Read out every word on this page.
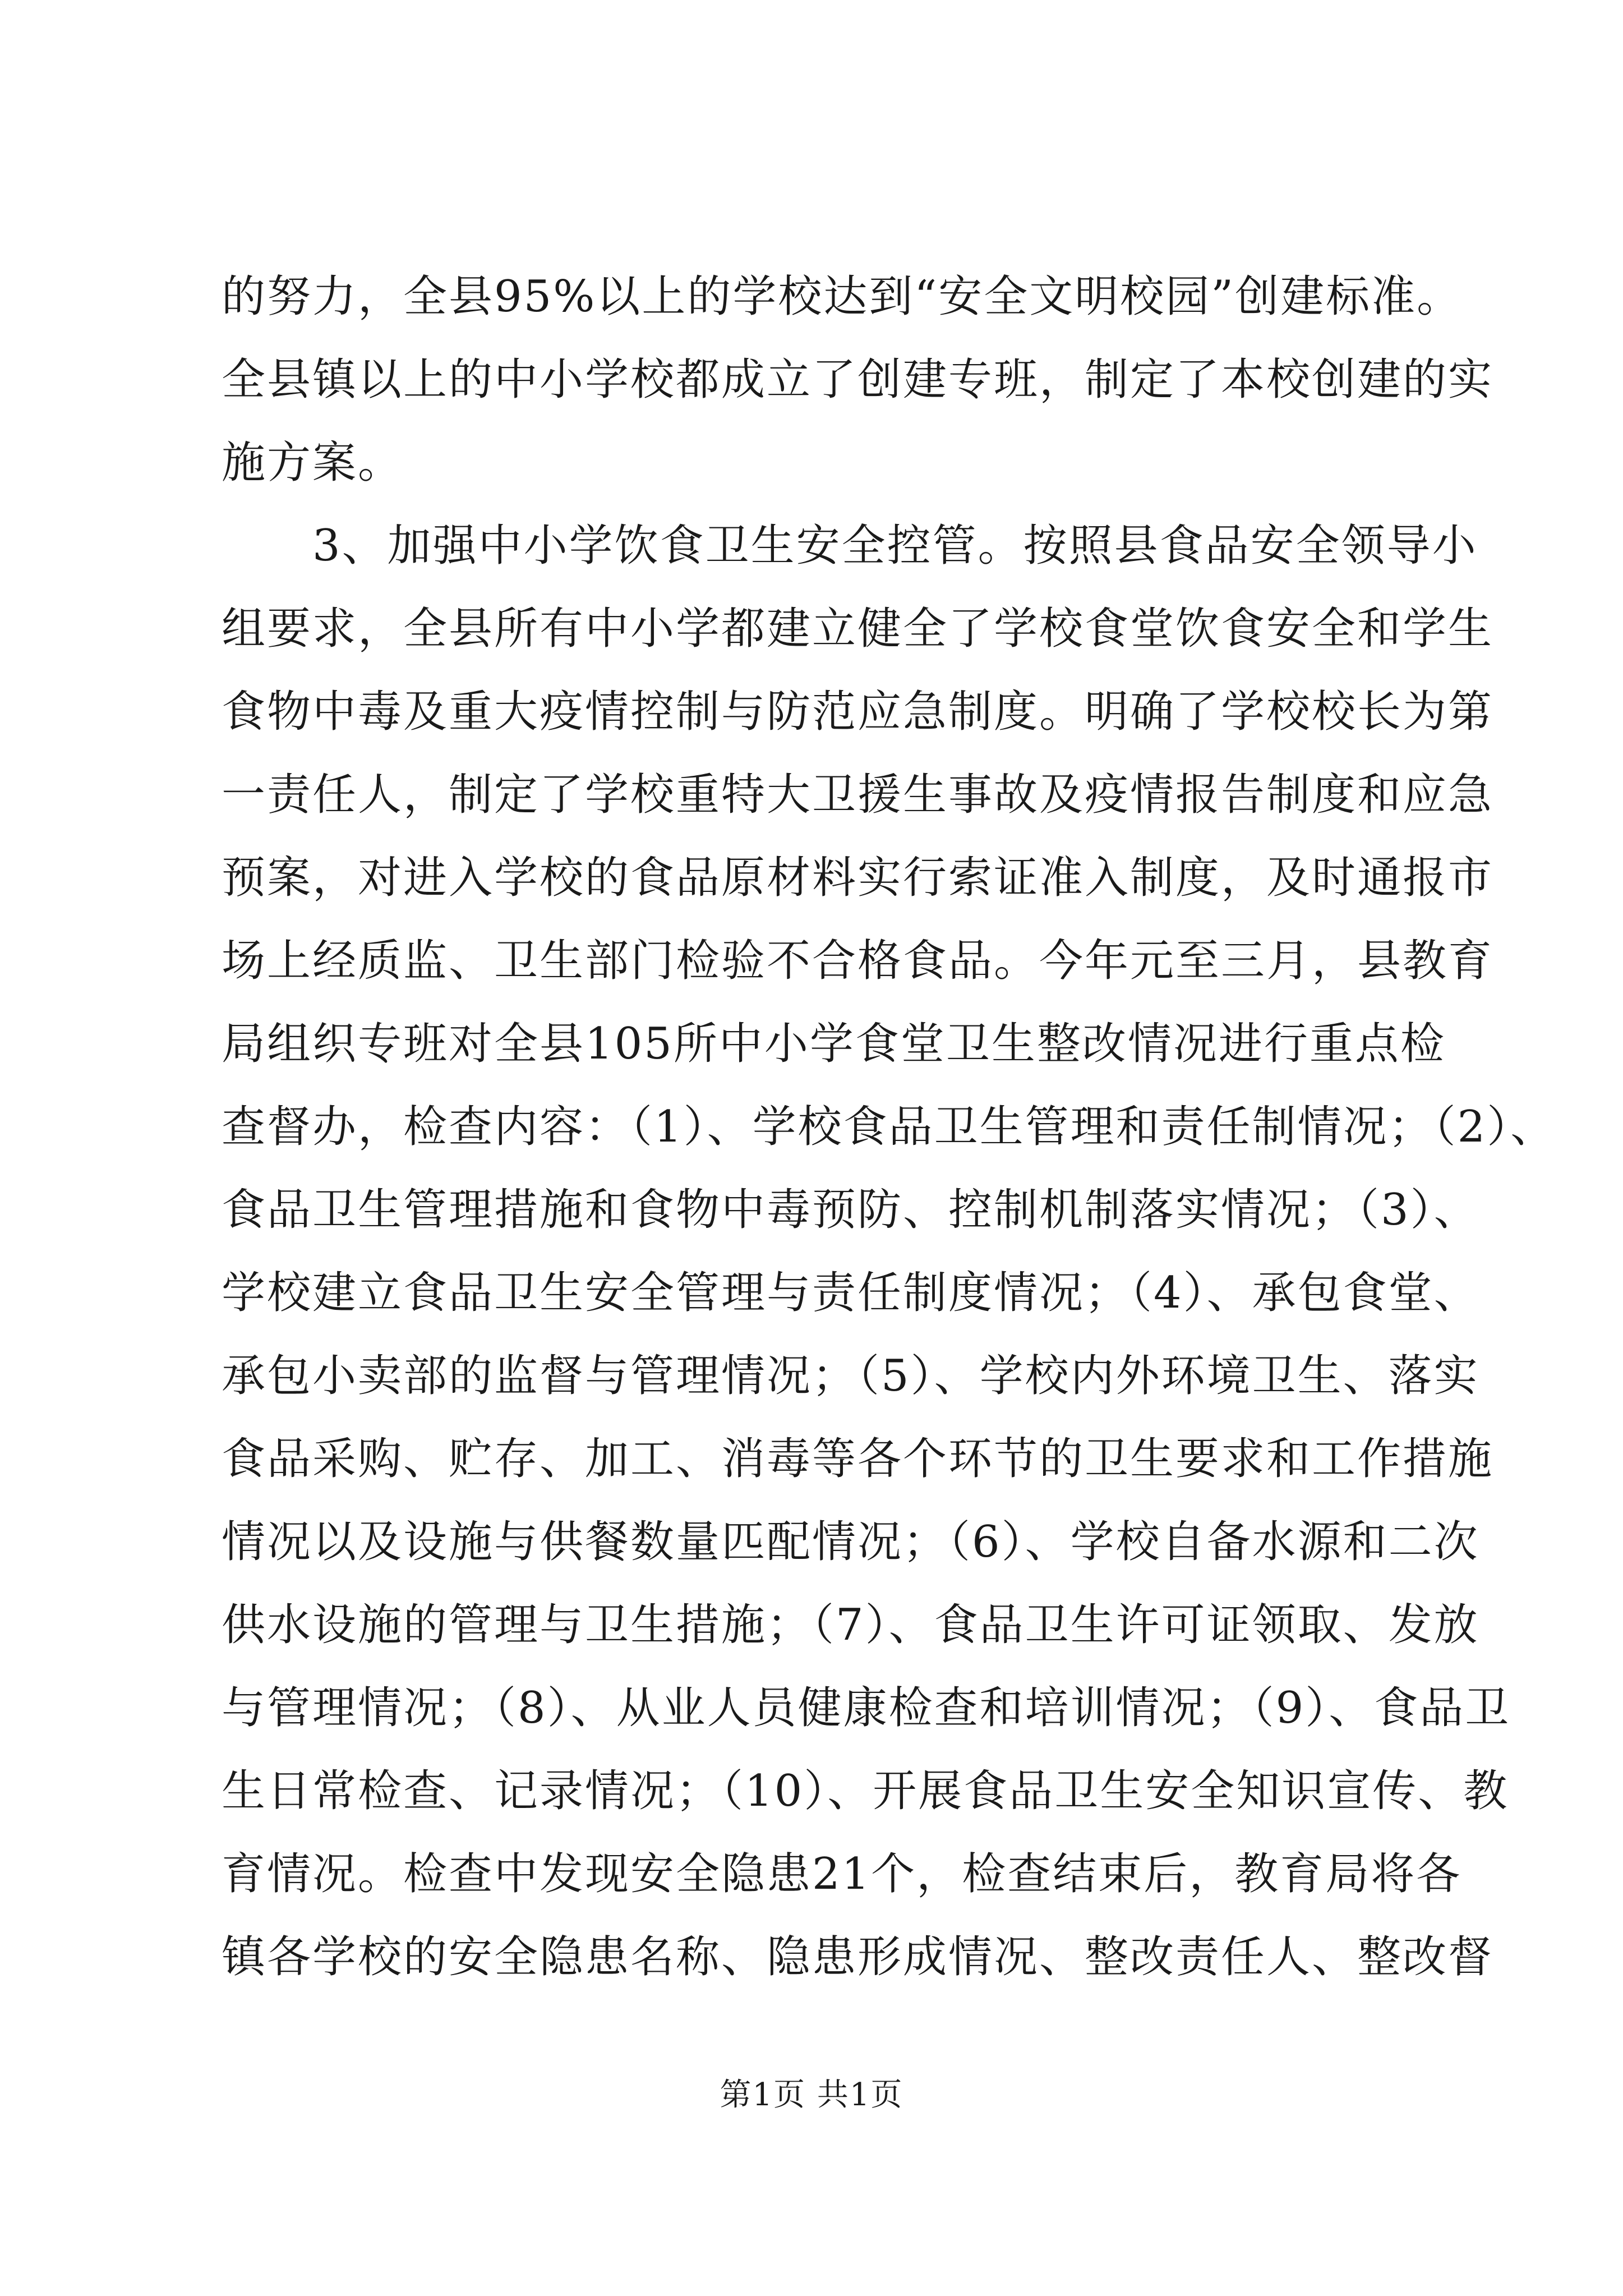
的努力，全县95%以上的学校达到“安全文明校园”创建标准。
全县镇以上的中小学校都成立了创建专班，制定了本校创建的实
施方案。
　　3、加强中小学饮食卫生安全控管。按照县食品安全领导小
组要求，全县所有中小学都建立健全了学校食堂饮食安全和学生
食物中毒及重大疫情控制与防范应急制度。明确了学校校长为第
一责任人，制定了学校重特大卫援生事故及疫情报告制度和应急
预案，对进入学校的食品原材料实行索证准入制度，及时通报市
场上经质监、卫生部门检验不合格食品。今年元至三月，县教育
局组织专班对全县105所中小学食堂卫生整改情况进行重点检
查督办，检查内容：（1）、学校食品卫生管理和责任制情况；（2）、
食品卫生管理措施和食物中毒预防、控制机制落实情况；（3）、
学校建立食品卫生安全管理与责任制度情况；（4）、承包食堂、
承包小卖部的监督与管理情况；（5）、学校内外环境卫生、落实
食品采购、贮存、加工、消毒等各个环节的卫生要求和工作措施
情况以及设施与供餐数量匹配情况；（6）、学校自备水源和二次
供水设施的管理与卫生措施；（7）、食品卫生许可证领取、发放
与管理情况；（8）、从业人员健康检查和培训情况；（9）、食品卫
生日常检查、记录情况；（10）、开展食品卫生安全知识宣传、教
育情况。检查中发现安全隐患21个，检查结束后，教育局将各
镇各学校的安全隐患名称、隐患形成情况、整改责任人、整改督
第1页 共1页
